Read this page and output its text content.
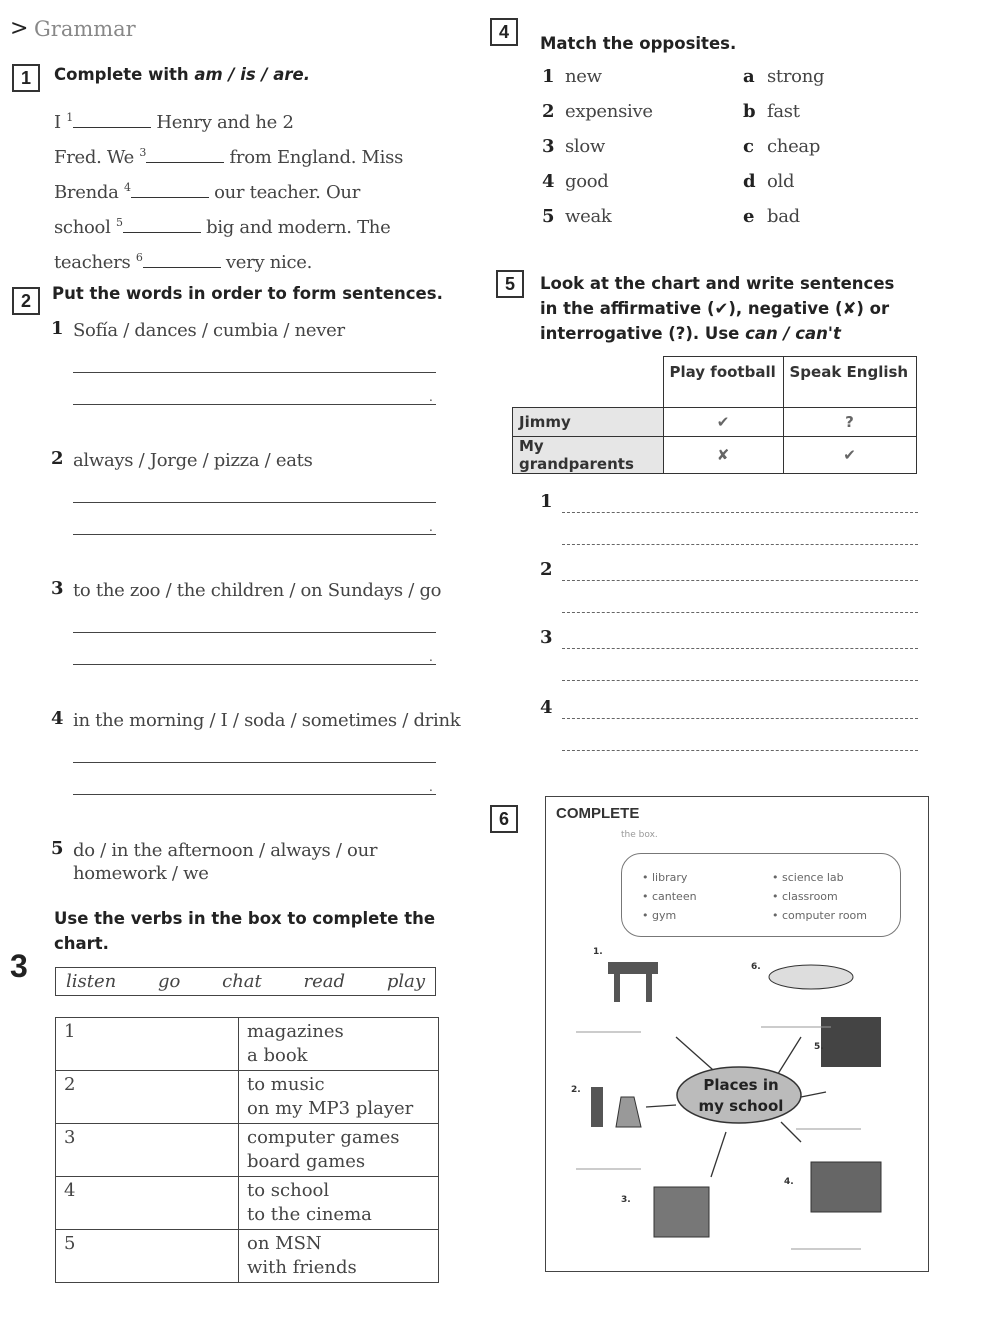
> Grammar
1	Complete with am / is / are.
I $^1$	Henry and he 2
Fred. We $^3$	from England. Miss
Brenda $^4$	our teacher. Our
school $^5$	big and modern. The
teachers $^6$	very nice.
2	Put the words in order to form sentences.
Use the verbs in the box to complete the
chart.
3 listen go chat read play
1	magazines
a book

2	to music
on my MP3 player

3	computer games
board games

4	to school
to the cinema

5	on MSN
with friends
4
Match the opposites.
5	Look at the chart and write sentences
in the affirmative (✔), negative (✘) or
interrogative (?). Use can / can't
	Play football	Speak English
Jimmy	✔	?
My grandparents	✘	✔
6	COMPLETE
the box.
• library
• canteen
• gym
• science lab
• classroom
• computer room
Places in
my school
1.
2.
3.
4.
5.
6.
1 Sofía / dances / cumbia / never
.
2 always / Jorge / pizza / eats
.
3 to the zoo / the children / on Sundays / go
.
4 in the morning / I / soda / sometimes / drink
.
5 do / in the afternoon / always / our
homework / we
1 new	a strong
2 expensive	b fast
3 slow	c cheap
4 good	d old
5 weak	e bad
1
2
3
4
